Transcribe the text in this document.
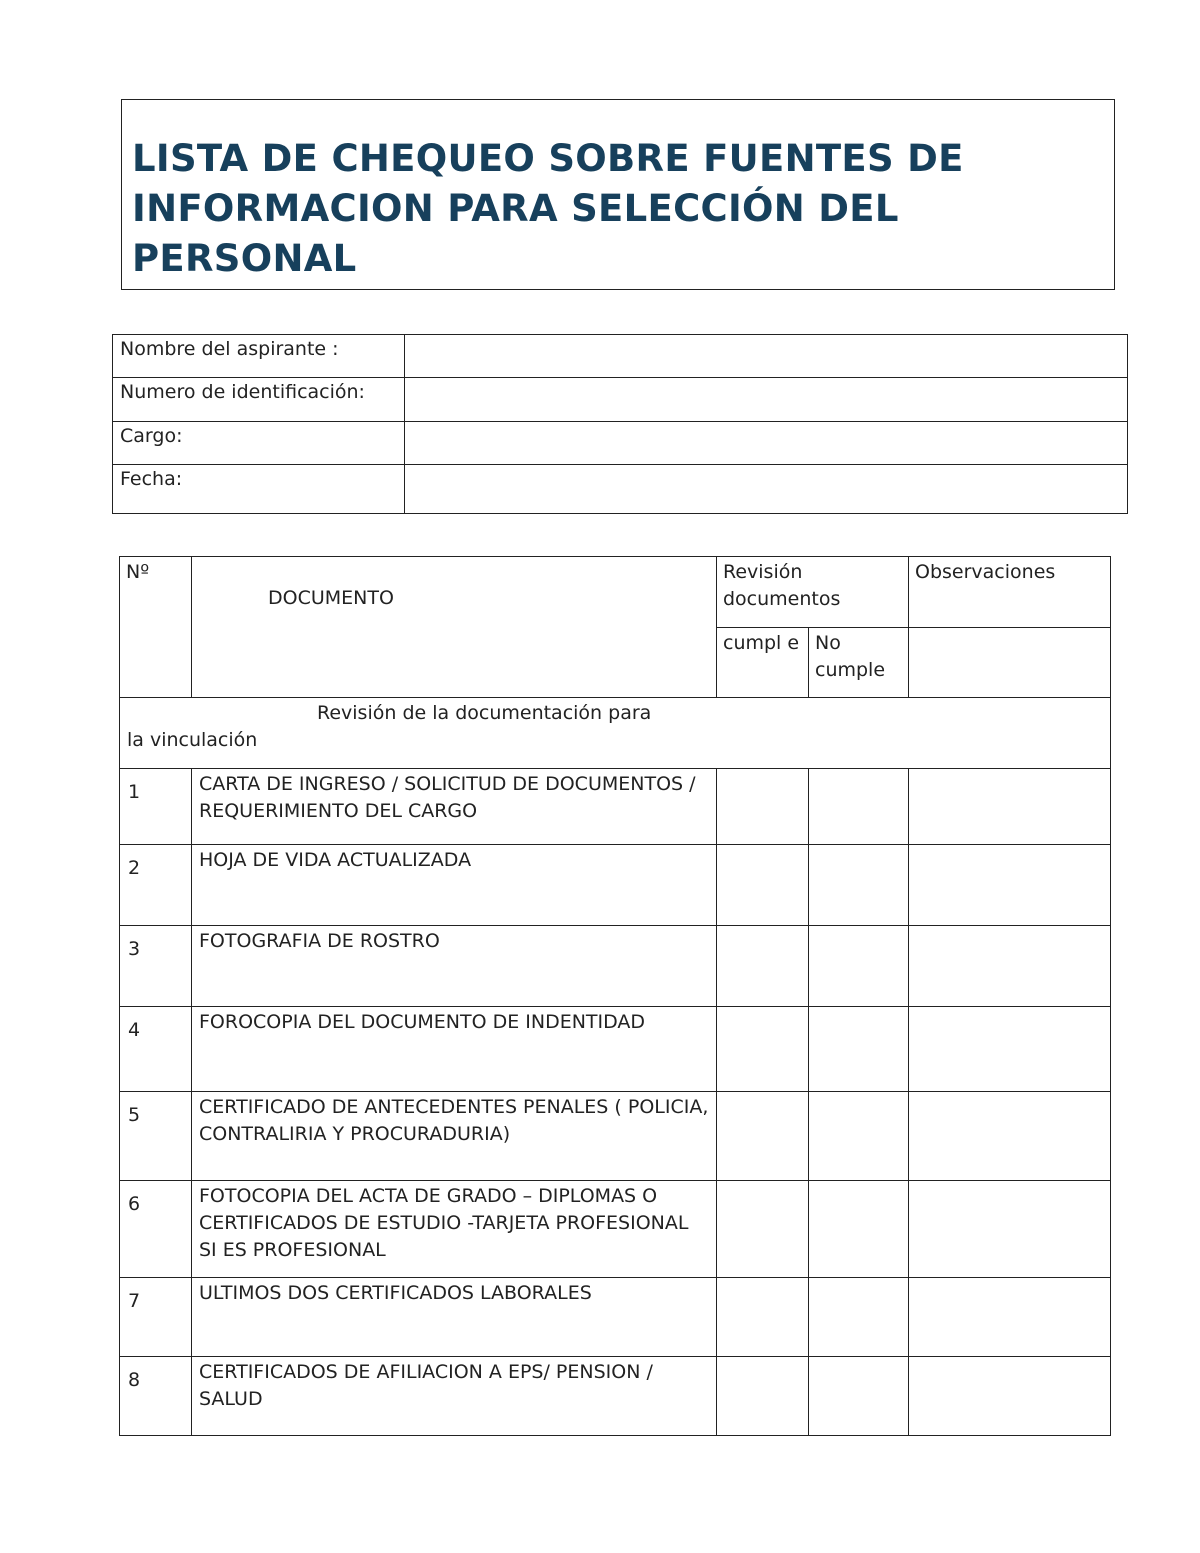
LISTA DE CHEQUEO SOBRE FUENTES DE INFORMACION PARA SELECCIÓN DEL PERSONAL
Nombre del aspirante :	
Numero de identificación:	
Cargo:	
Fecha:	
Nº	DOCUMENTO	Revisión documentos		Observaciones
		cumpl e	No cumple	
Revisión de la documentación para
la vinculación				
1	CARTA DE INGRESO / SOLICITUD DE DOCUMENTOS / REQUERIMIENTO DEL CARGO			
2	HOJA DE VIDA ACTUALIZADA			
3	FOTOGRAFIA DE ROSTRO			
4	FOROCOPIA DEL DOCUMENTO DE INDENTIDAD			
5	CERTIFICADO DE ANTECEDENTES PENALES ( POLICIA, CONTRALIRIA Y PROCURADURIA)			
6	FOTOCOPIA DEL ACTA DE GRADO – DIPLOMAS O CERTIFICADOS DE ESTUDIO -TARJETA PROFESIONAL SI ES PROFESIONAL			
7	ULTIMOS DOS CERTIFICADOS LABORALES			
8	CERTIFICADOS DE AFILIACION A EPS/ PENSION / SALUD			
